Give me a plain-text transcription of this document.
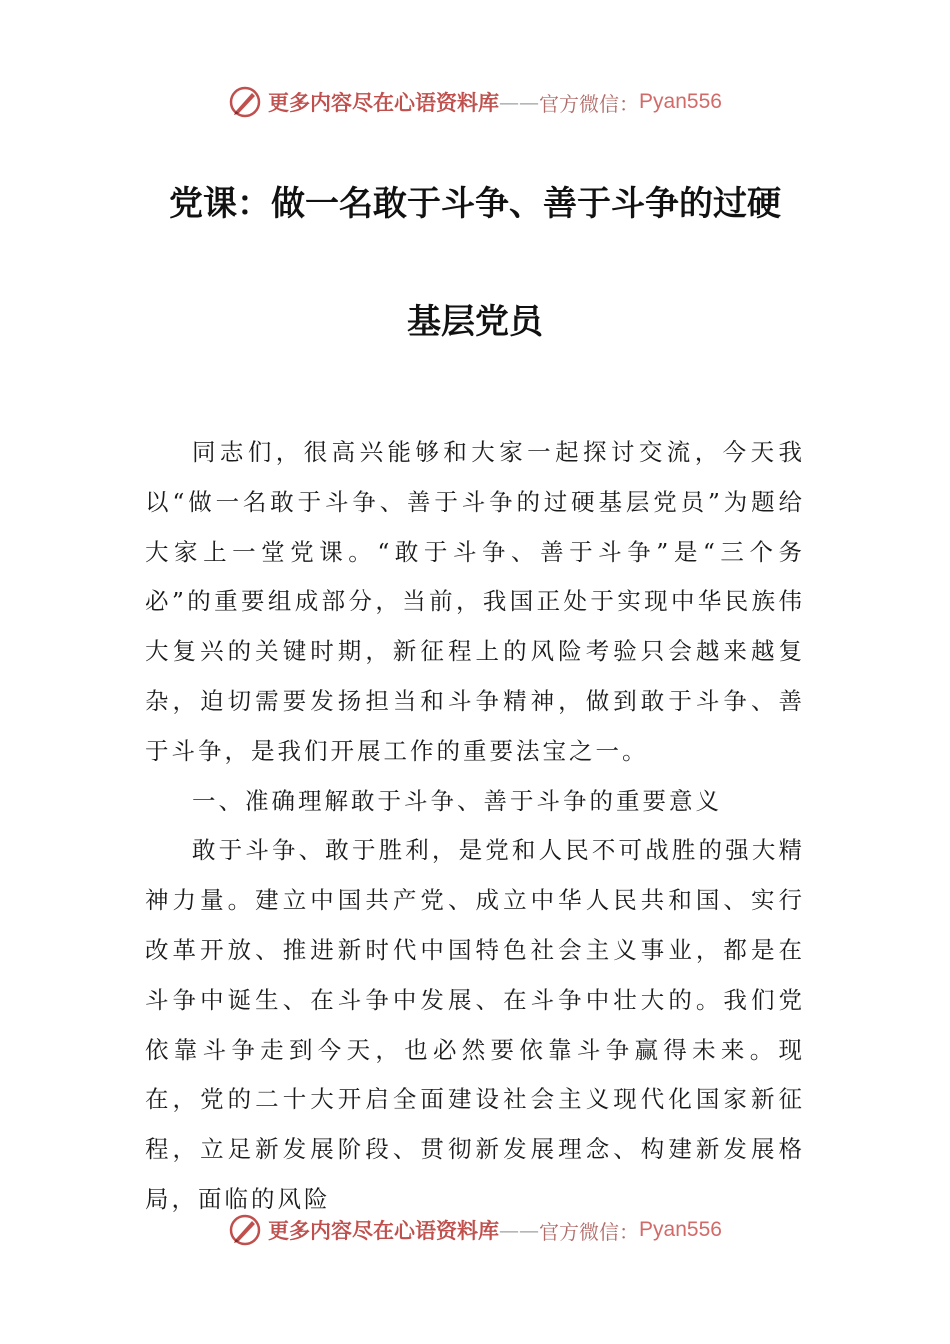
更多内容尽在心语资料库 —— 官方微信： Pyan556
党课：做一名敢于斗争、善于斗争的过硬
基层党员

同志们，很高兴能够和大家一起探讨交流，今天我以“做一名敢于斗争、善于斗争的过硬基层党员”为题给大家上一堂党课。“敢于斗争、善于斗争”是“三个务必”的重要组成部分，当前，我国正处于实现中华民族伟大复兴的关键时期，新征程上的风险考验只会越来越复杂，迫切需要发扬担当和斗争精神，做到敢于斗争、善于斗争，是我们开展工作的重要法宝之一。

一、准确理解敢于斗争、善于斗争的重要意义

敢于斗争、敢于胜利，是党和人民不可战胜的强大精神力量。建立中国共产党、成立中华人民共和国、实行改革开放、推进新时代中国特色社会主义事业，都是在斗争中诞生、在斗争中发展、在斗争中壮大的。我们党依靠斗争走到今天，也必然要依靠斗争赢得未来。现在，党的二十大开启全面建设社会主义现代化国家新征程，立足新发展阶段、贯彻新发展理念、构建新发展格局，面临的风险

更多内容尽在心语资料库 —— 官方微信： Pyan556
